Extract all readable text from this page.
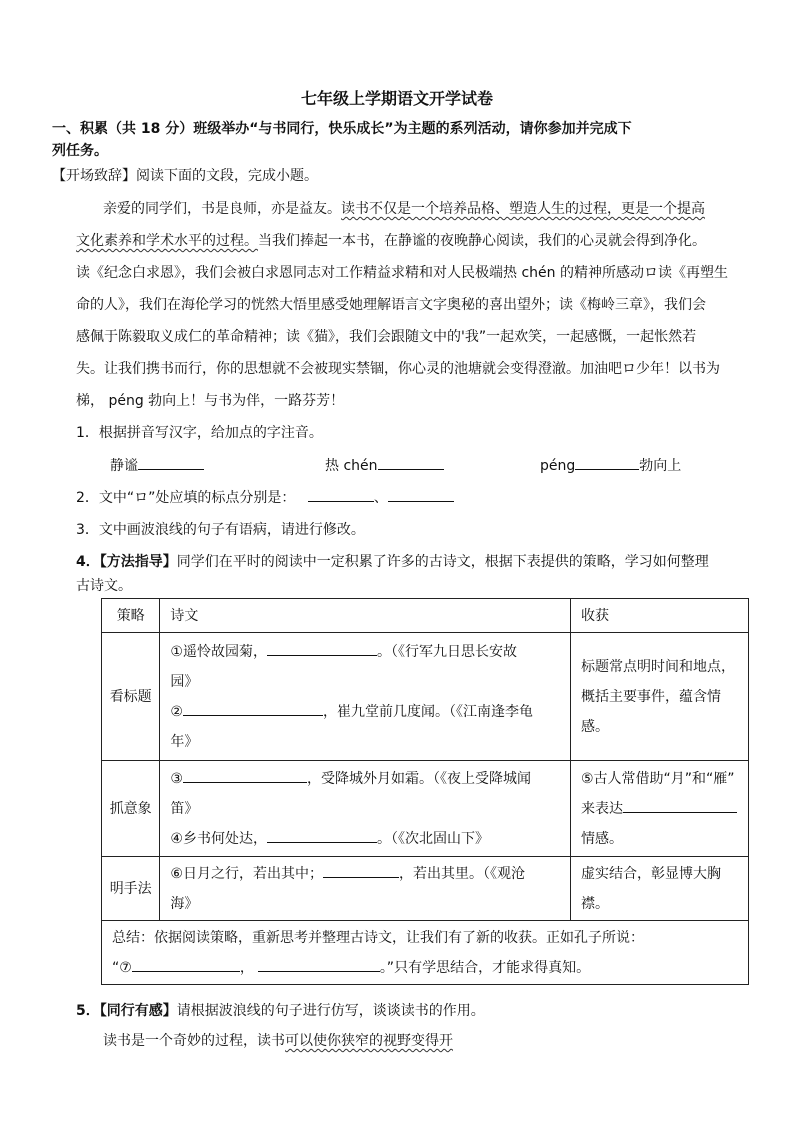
七年级上学期语文开学试卷
一、积累（共 18 分）班级举办“与书同行，快乐成长”为主题的系列活动，请你参加并完成下
列任务。
【开场致辞】阅读下面的文段，完成小题。
亲爱的同学们，书是良师，亦是益友。读书不仅是一个培养品格、塑造人生的过程，更是一个提高
文化素养和学术水平的过程。当我们捧起一本书，在静谧的夜晚静心阅读，我们的心灵就会得到净化。
读《纪念白求恩》，我们会被白求恩同志对工作精益求精和对人民极端热 chén 的精神所感动ロ读《再塑生
命的人》，我们在海伦学习的恍然大悟里感受她理解语言文字奥秘的喜出望外；读《梅岭三章》，我们会
感佩于陈毅取义成仁的革命精神；读《猫》，我们会跟随文中的'我”一起欢笑，一起感慨，一起怅然若
失。让我们携书而行，你的思想就不会被现实禁锢，你心灵的池塘就会变得澄澈。加油吧ロ少年！以书为
梯， péng 勃向上！与书为伴，一路芬芳！
1．根据拼音写汉字，给加点的字注音。
静谧	热 chén	péng	勃向上
2．文中“ロ”处应填的标点分别是：	、
3．文中画波浪线的句子有语病，请进行修改。
4．【方法指导】同学们在平时的阅读中一定积累了许多的古诗文，根据下表提供的策略，学习如何整理
古诗文。
策略	诗文	收获
看标题	①遥怜故园菊， 。（《行军九日思长安故
园》
② ，崔九堂前几度闻。（《江南逢李龟
年》	标题常点明时间和地点，
概括主要事件，蕴含情
感。

抓意象	③ ，受降城外月如霜。（《夜上受降城闻
笛》
④乡书何处达， 。（《次北固山下》	⑤古人常借助“月”和“雁”
来表达
情感。

明手法	⑥日月之行，若出其中； ，若出其里。（《观沧
海》	虚实结合，彰显博大胸
襟。

总结：依据阅读策略，重新思考并整理古诗文，让我们有了新的收获。正如孔子所说：
“⑦ ， 。”只有学思结合，才能求得真知。		
5．【同行有感】请根据波浪线的句子进行仿写，谈谈读书的作用。
读书是一个奇妙的过程，读书可以使你狭窄的视野变得开
